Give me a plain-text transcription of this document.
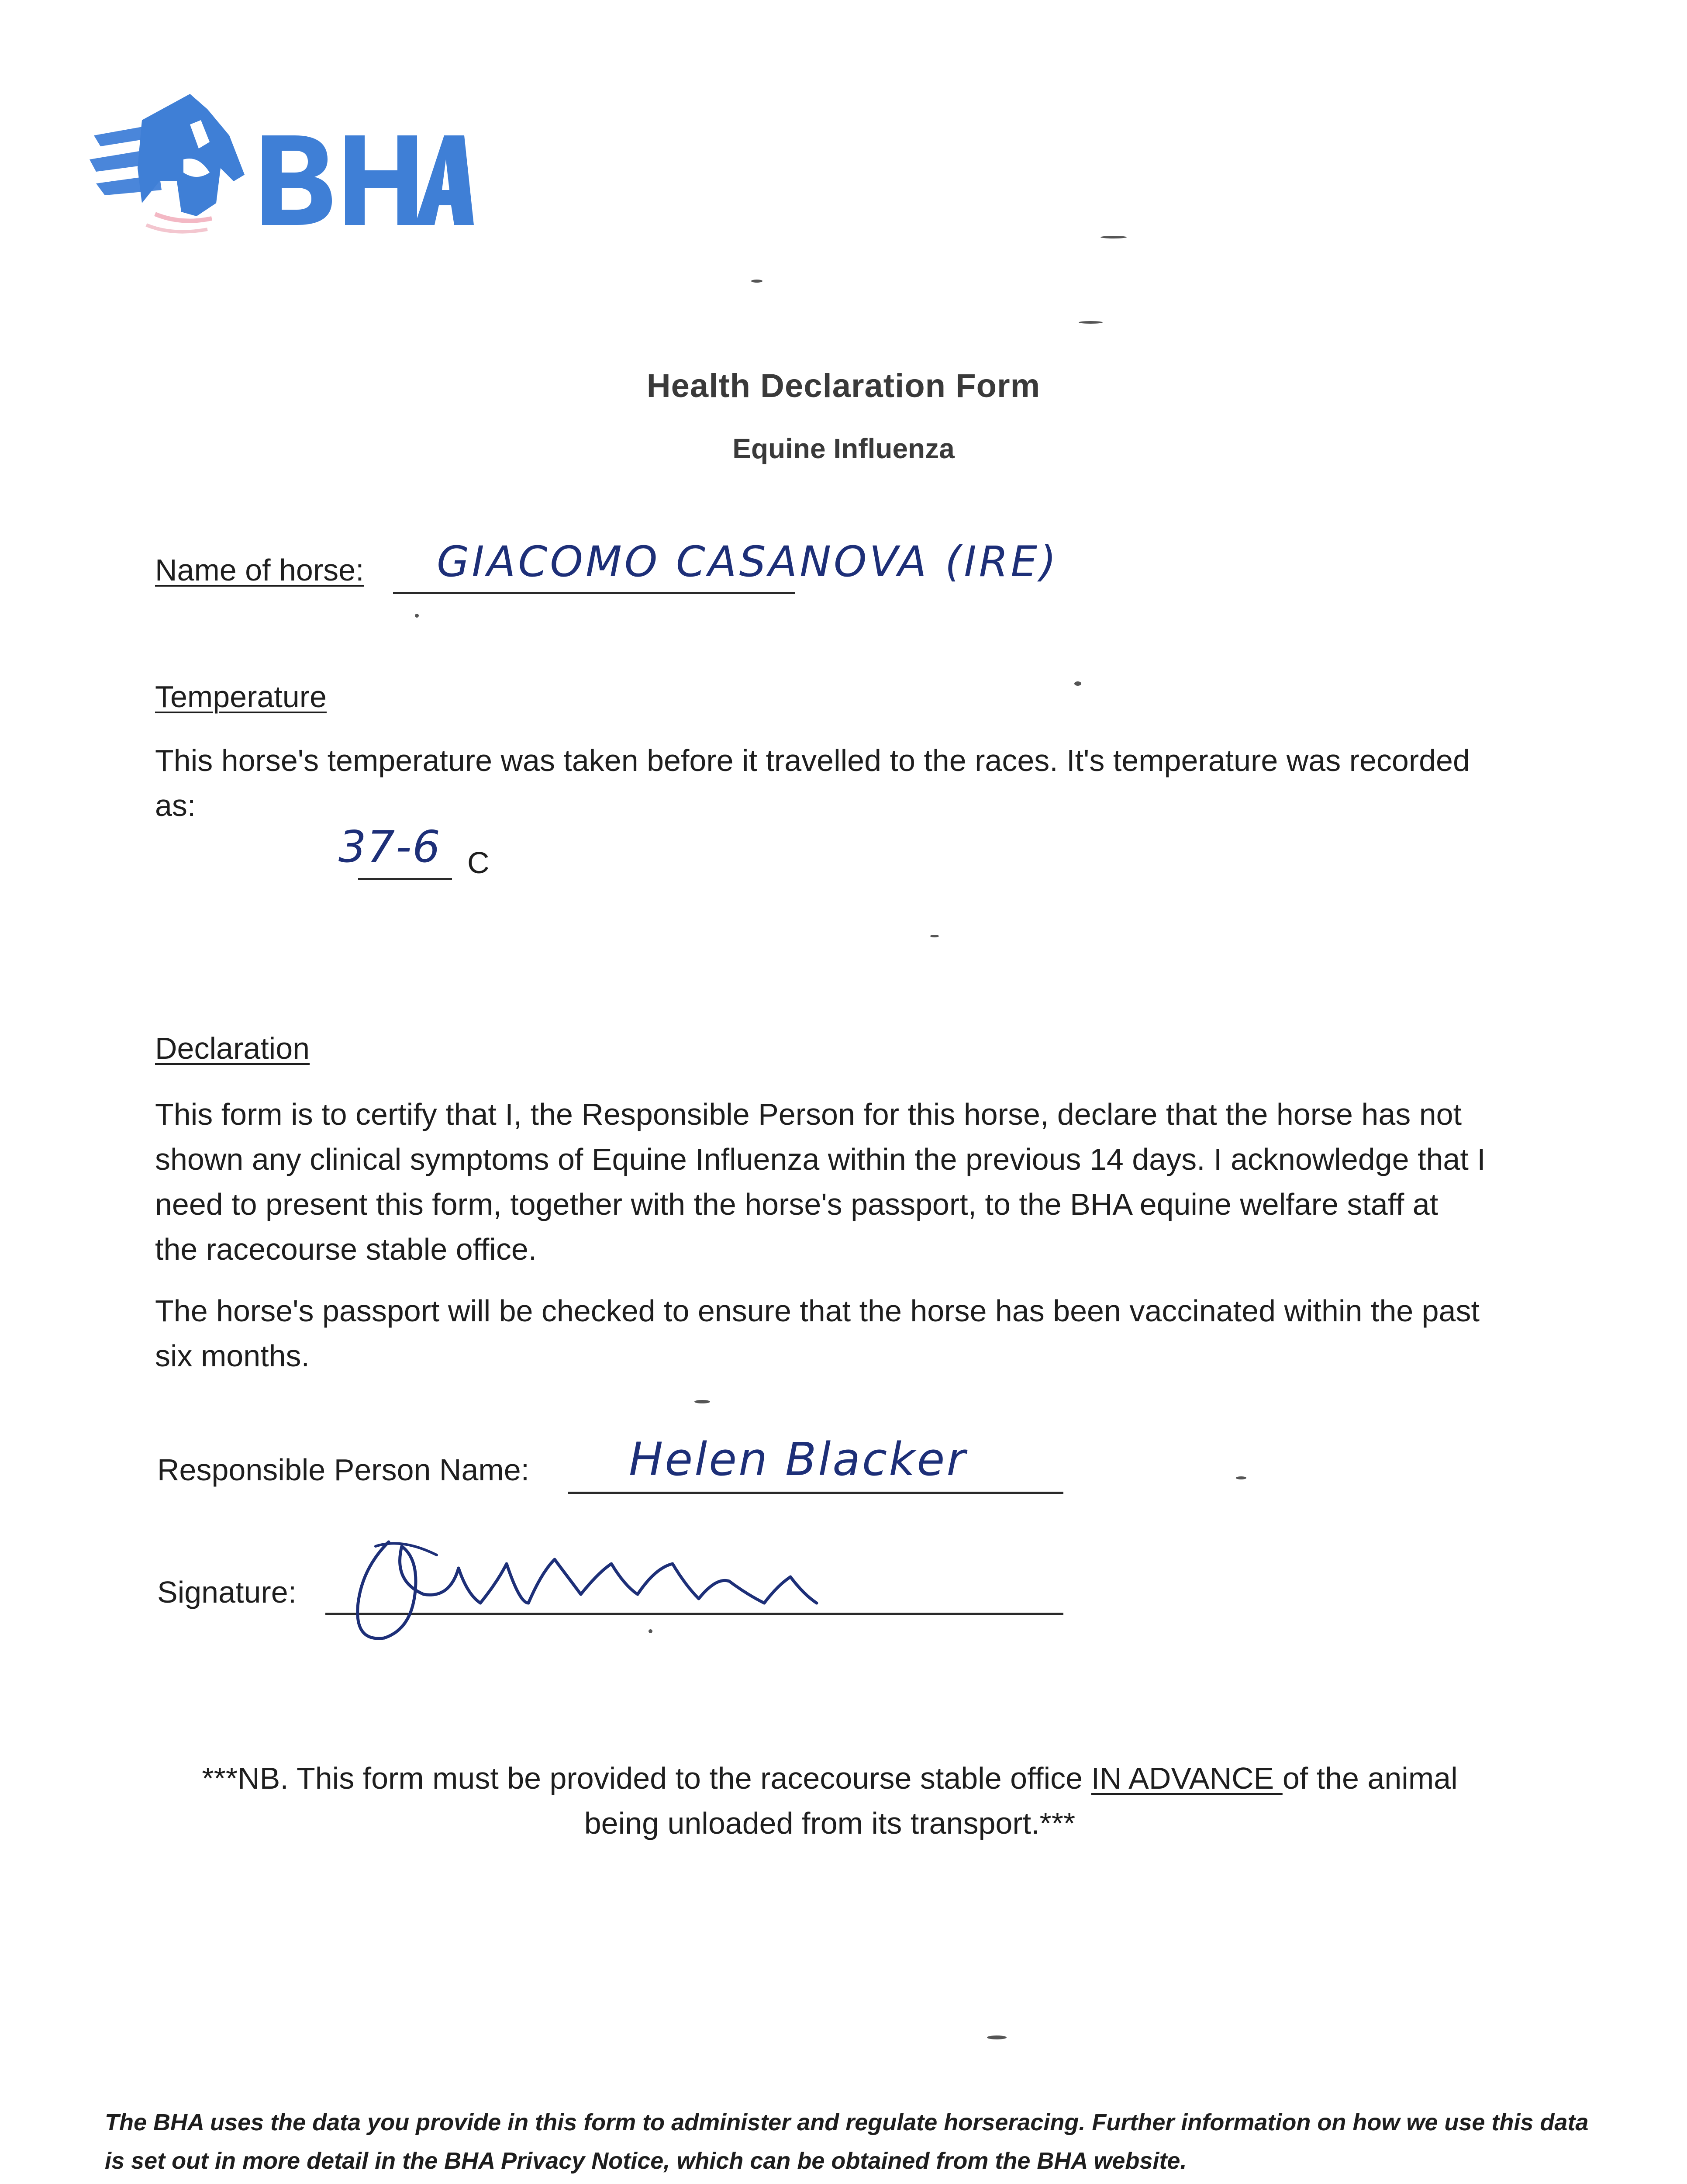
Health Declaration Form
Equine Influenza
Name of horse: GIACOMO CASANOVA (IRE)
Temperature
This horse's temperature was taken before it travelled to the races. It's temperature was recorded as:
37-6 C
Declaration
This form is to certify that I, the Responsible Person for this horse, declare that the horse has not shown any clinical symptoms of Equine Influenza within the previous 14 days. I acknowledge that I need to present this form, together with the horse's passport, to the BHA equine welfare staff at the racecourse stable office.
The horse's passport will be checked to ensure that the horse has been vaccinated within the past six months.
Responsible Person Name: Helen Blacker
Signature:
***NB. This form must be provided to the racecourse stable office IN ADVANCE of the animal being unloaded from its transport.***
The BHA uses the data you provide in this form to administer and regulate horseracing. Further information on how we use this data is set out in more detail in the BHA Privacy Notice, which can be obtained from the BHA website.
